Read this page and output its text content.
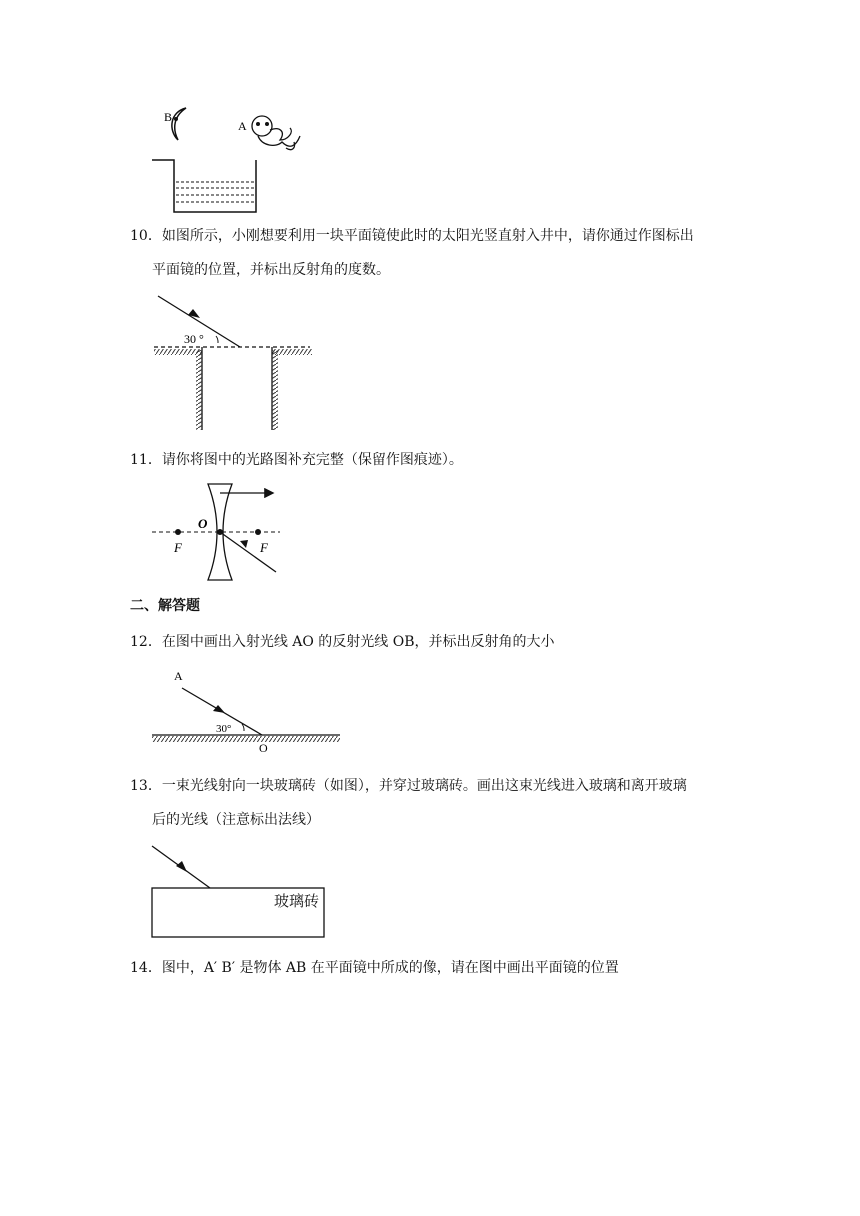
B
A
30 °
O
F	F
A
30°
O
玻璃砖
10．如图所示，小刚想要利用一块平面镜使此时的太阳光竖直射入井中，请你通过作图标出
平面镜的位置，并标出反射角的度数。
11．请你将图中的光路图补充完整（保留作图痕迹）。
二、解答题
12．在图中画出入射光线 AO 的反射光线 OB，并标出反射角的大小
13．一束光线射向一块玻璃砖（如图），并穿过玻璃砖。画出这束光线进入玻璃和离开玻璃
后的光线（注意标出法线）
14．图中，A′ B′ 是物体 AB 在平面镜中所成的像，请在图中画出平面镜的位置
